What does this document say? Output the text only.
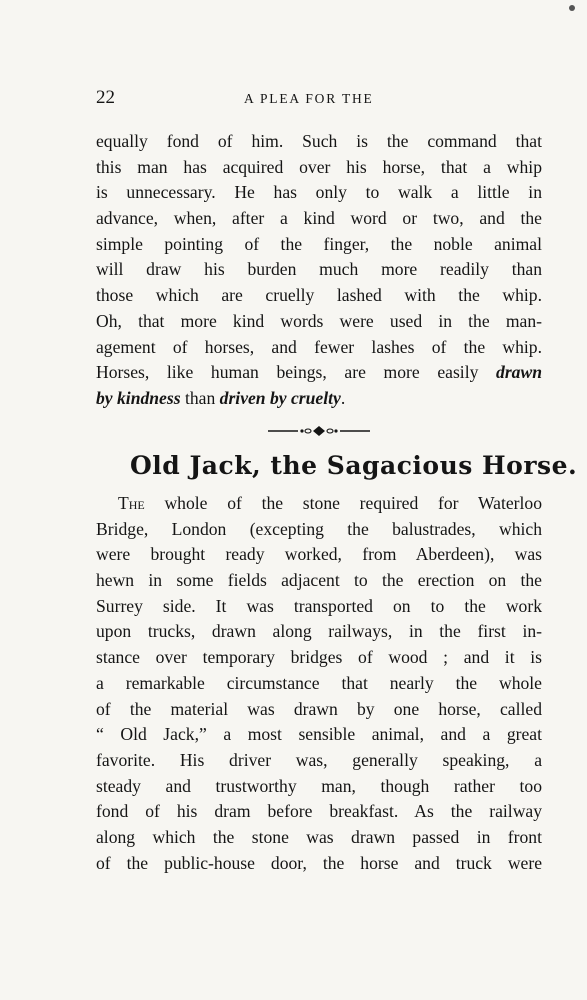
22	A PLEA FOR THE
equally fond of him. Such is the command that
this man has acquired over his horse, that a whip
is unnecessary. He has only to walk a little in
advance, when, after a kind word or two, and the
simple pointing of the finger, the noble animal
will draw his burden much more readily than
those which are cruelly lashed with the whip.
Oh, that more kind words were used in the man-
agement of horses, and fewer lashes of the whip.
Horses, like human beings, are more easily drawn
by kindness than driven by cruelty.
Old Jack, the Sagacious Horse.
The whole of the stone required for Waterloo
Bridge, London (excepting the balustrades, which
were brought ready worked, from Aberdeen), was
hewn in some fields adjacent to the erection on the
Surrey side. It was transported on to the work
upon trucks, drawn along railways, in the first in-
stance over temporary bridges of wood ; and it is
a remarkable circumstance that nearly the whole
of the material was drawn by one horse, called
“ Old Jack,” a most sensible animal, and a great
favorite. His driver was, generally speaking, a
steady and trustworthy man, though rather too
fond of his dram before breakfast. As the railway
along which the stone was drawn passed in front
of the public-house door, the horse and truck were
